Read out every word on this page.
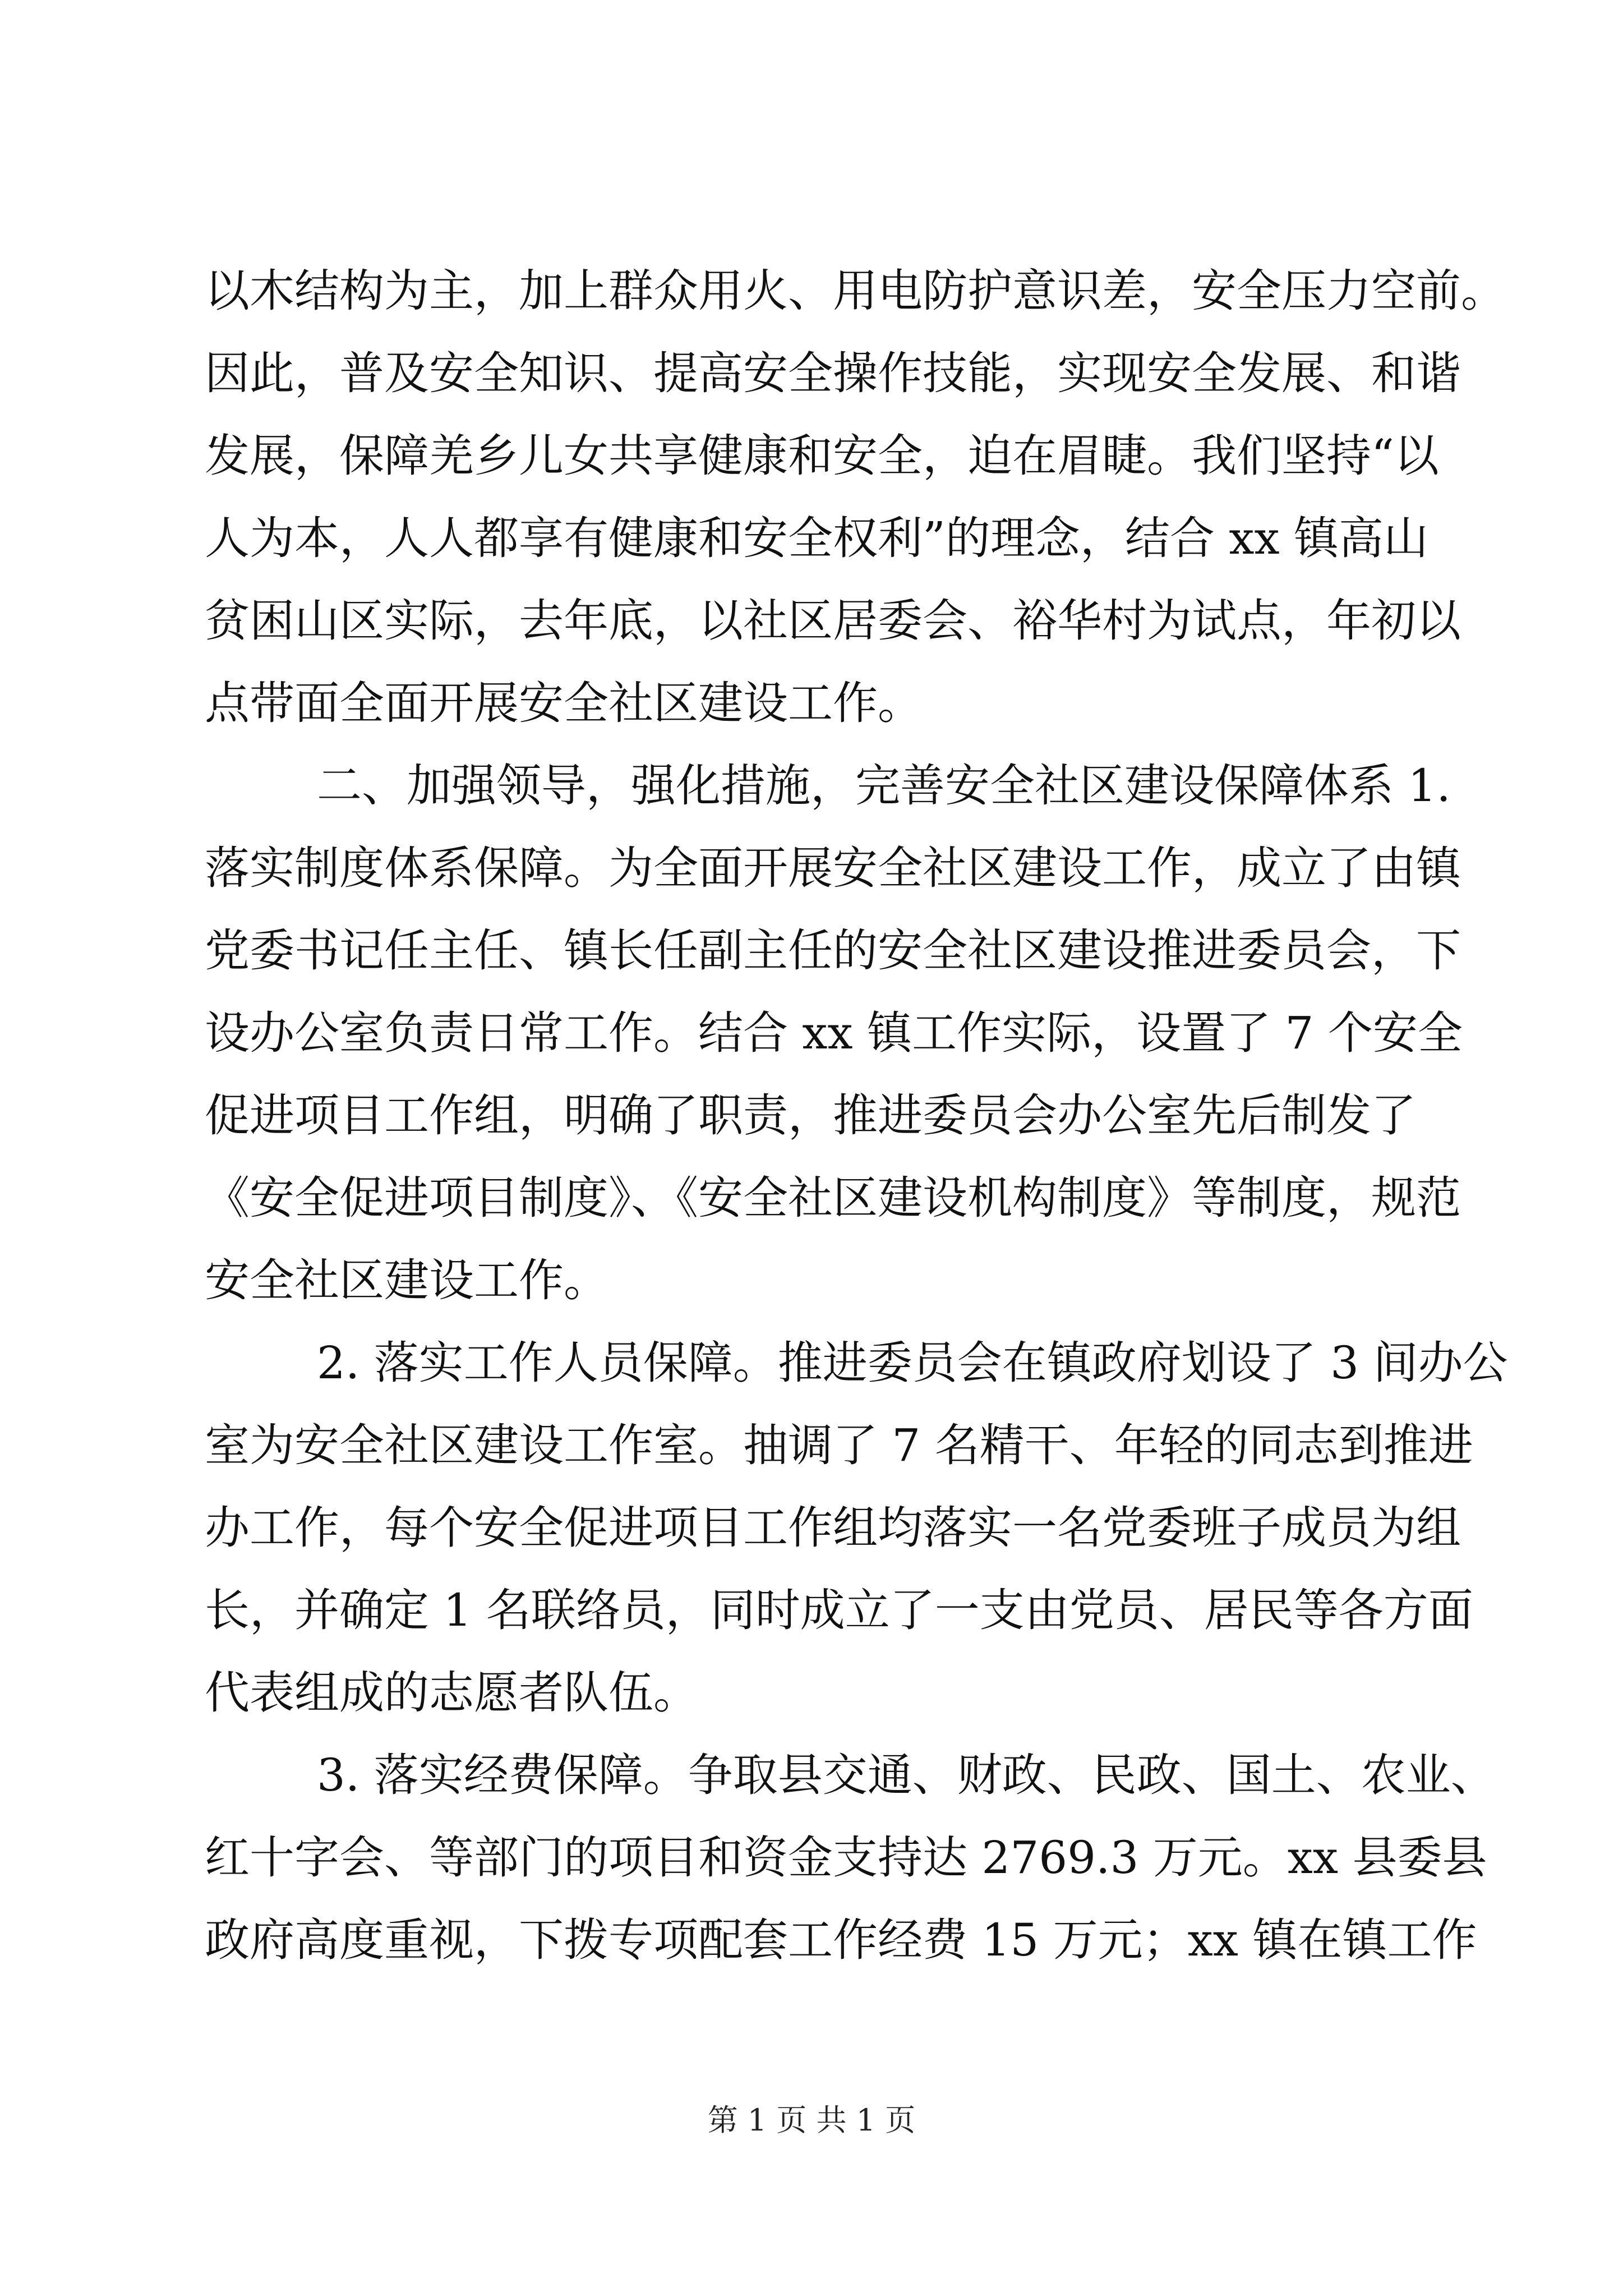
以木结构为主，加上群众用火、用电防护意识差，安全压力空前。
因此，普及安全知识、提高安全操作技能，实现安全发展、和谐
发展，保障羌乡儿女共享健康和安全，迫在眉睫。我们坚持“以
人为本，人人都享有健康和安全权利”的理念，结合 xx 镇高山
贫困山区实际，去年底，以社区居委会、裕华村为试点，年初以
点带面全面开展安全社区建设工作。
二、加强领导，强化措施，完善安全社区建设保障体系 1.
落实制度体系保障。为全面开展安全社区建设工作，成立了由镇
党委书记任主任、镇长任副主任的安全社区建设推进委员会，下
设办公室负责日常工作。结合 xx 镇工作实际，设置了 7 个安全
促进项目工作组，明确了职责，推进委员会办公室先后制发了
《安全促进项目制度》、《安全社区建设机构制度》等制度，规范
安全社区建设工作。
2. 落实工作人员保障。推进委员会在镇政府划设了 3 间办公
室为安全社区建设工作室。抽调了 7 名精干、年轻的同志到推进
办工作，每个安全促进项目工作组均落实一名党委班子成员为组
长，并确定 1 名联络员，同时成立了一支由党员、居民等各方面
代表组成的志愿者队伍。
3. 落实经费保障。争取县交通、财政、民政、国土、农业、
红十字会、等部门的项目和资金支持达 2769.3 万元。xx 县委县
政府高度重视，下拨专项配套工作经费 15 万元；xx 镇在镇工作
第 1 页 共 1 页
